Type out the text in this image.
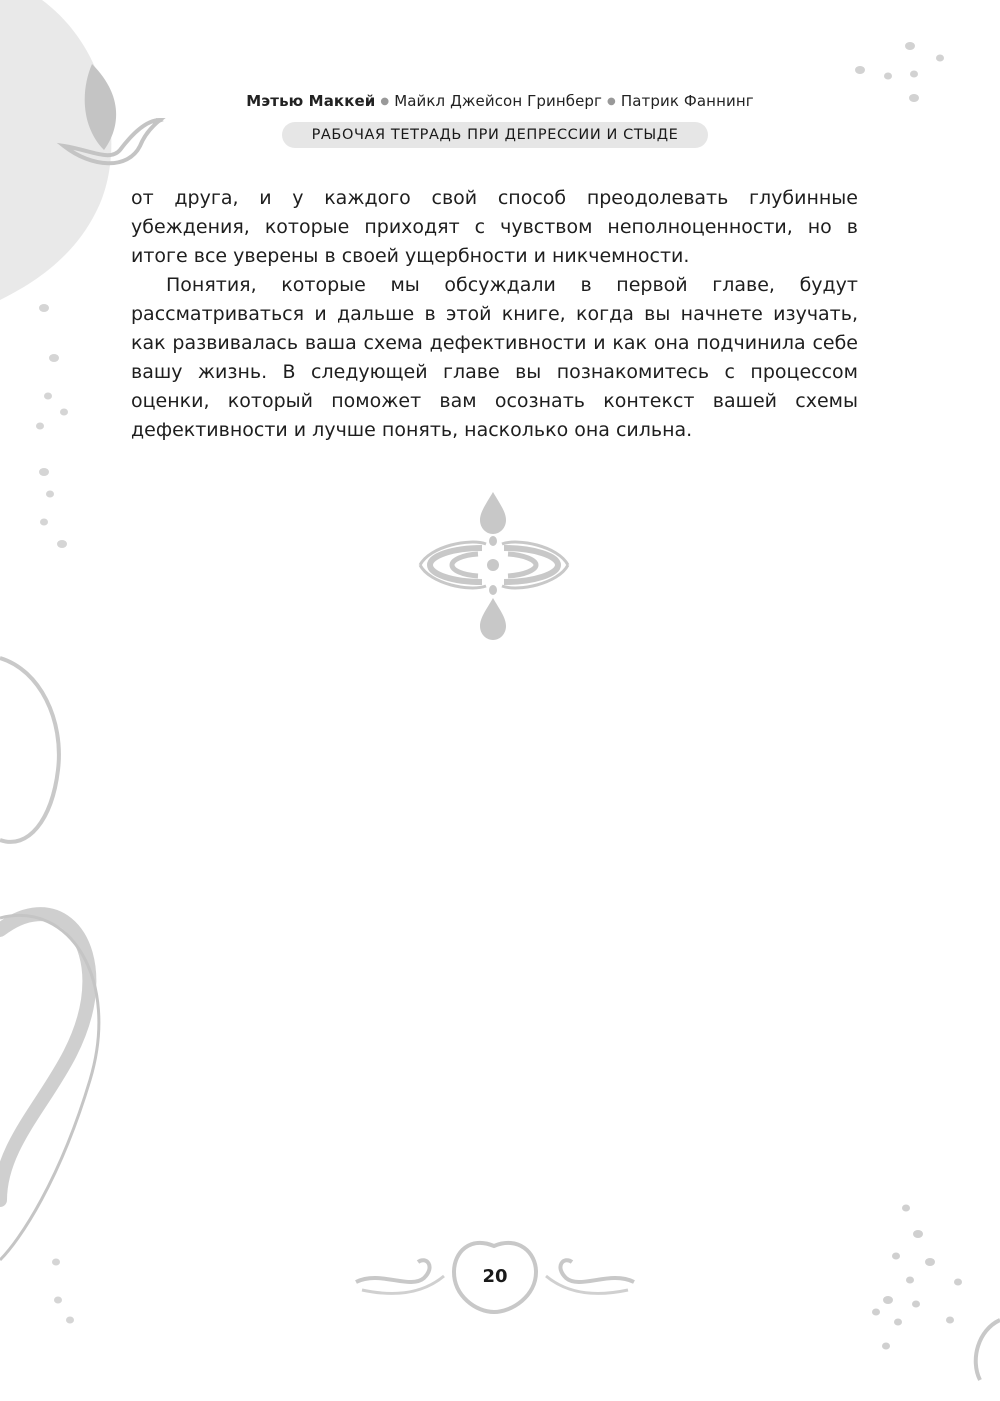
Мэтью Маккей ● Майкл Джейсон Гринберг ● Патрик Фаннинг
РАБОЧАЯ ТЕТРАДЬ ПРИ ДЕПРЕССИИ И СТЫДЕ

от друга, и у каждого свой способ преодолевать глубинные убеждения, которые приходят с чувством неполноценности, но в итоге все уверены в своей ущербности и никчемности.

Понятия, которые мы обсуждали в первой главе, будут рассматриваться и дальше в этой книге, когда вы начнете изучать, как развивалась ваша схема дефективности и как она подчинила себе вашу жизнь. В следующей главе вы познакомитесь с процессом оценки, который поможет вам осознать контекст вашей схемы дефективности и лучше понять, насколько она сильна.

20
